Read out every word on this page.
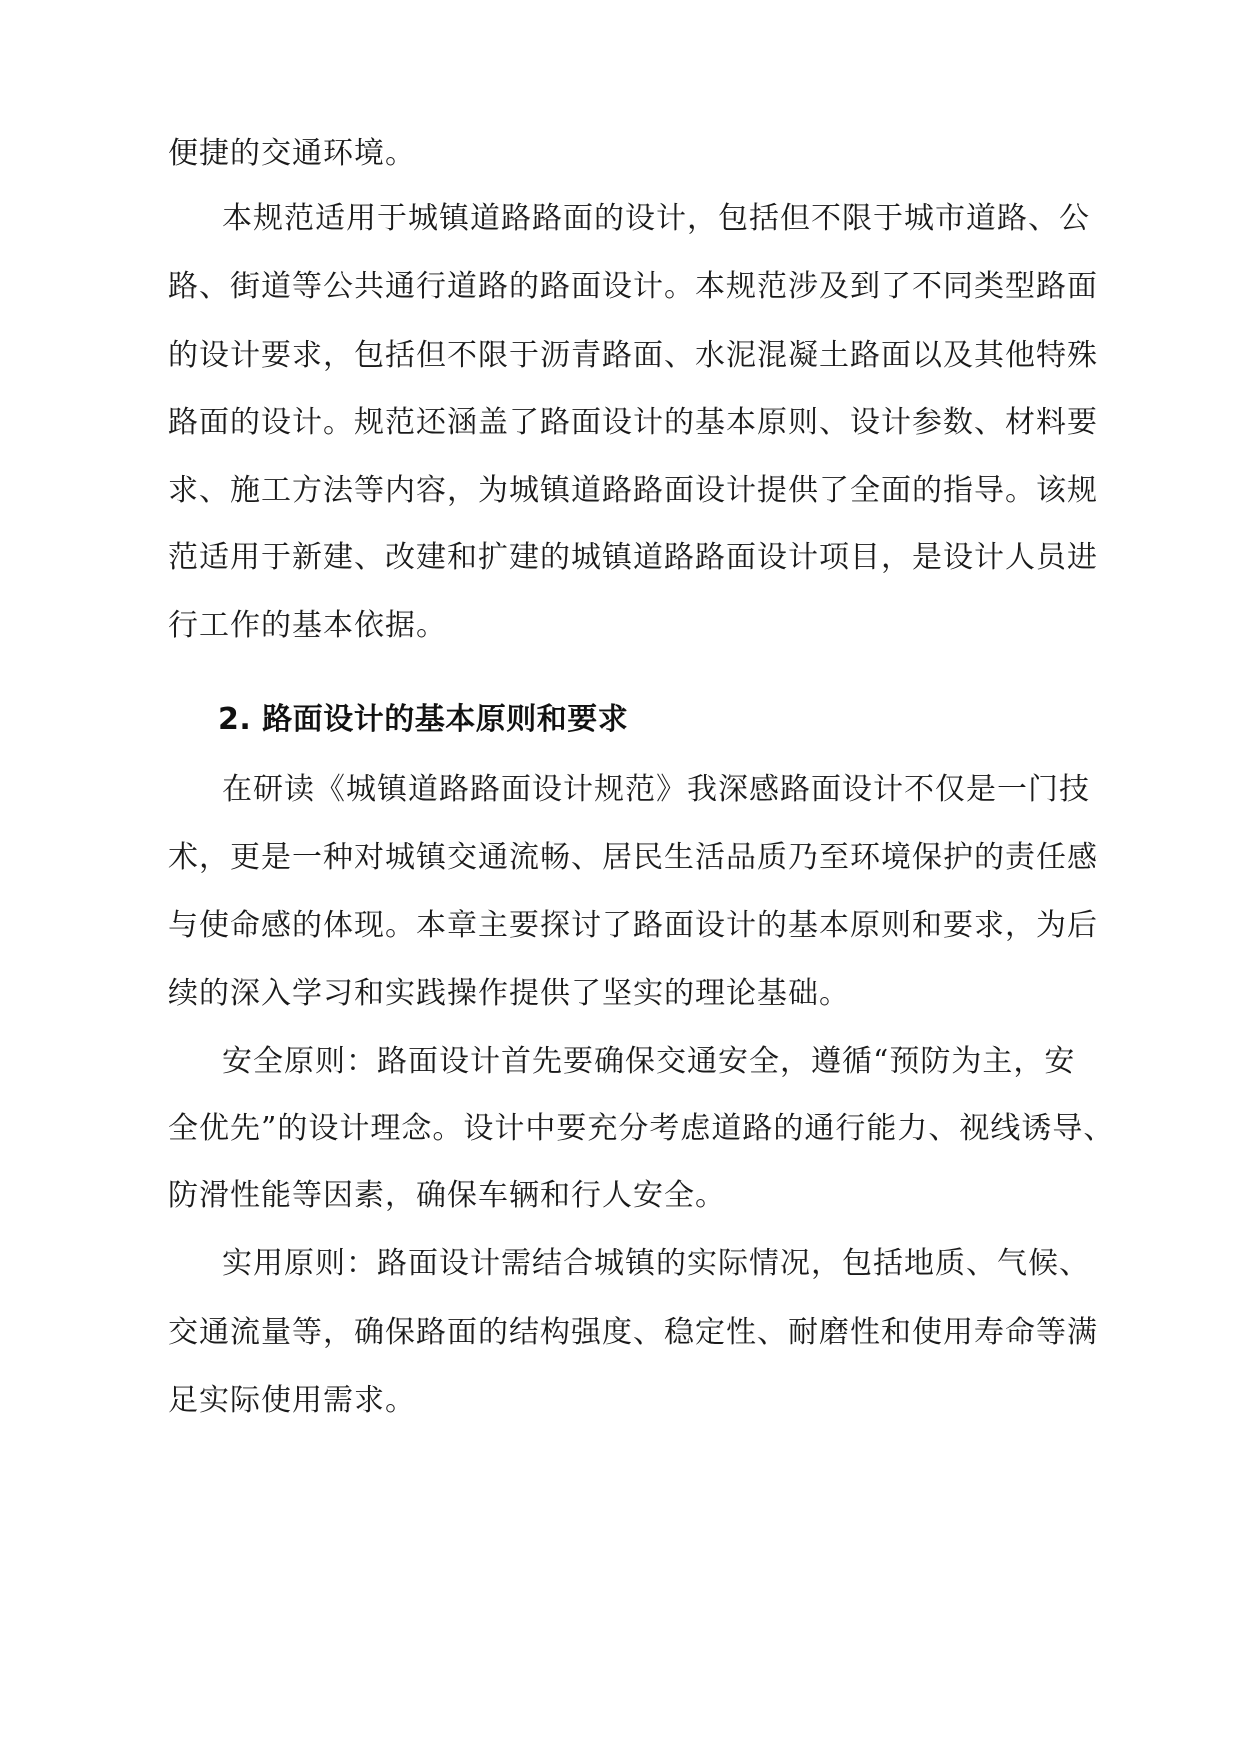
便捷的交通环境。
本规范适用于城镇道路路面的设计，包括但不限于城市道路、公
路、街道等公共通行道路的路面设计。本规范涉及到了不同类型路面
的设计要求，包括但不限于沥青路面、水泥混凝土路面以及其他特殊
路面的设计。规范还涵盖了路面设计的基本原则、设计参数、材料要
求、施工方法等内容，为城镇道路路面设计提供了全面的指导。该规
范适用于新建、改建和扩建的城镇道路路面设计项目，是设计人员进
行工作的基本依据。
2. 路面设计的基本原则和要求
在研读《城镇道路路面设计规范》我深感路面设计不仅是一门技
术，更是一种对城镇交通流畅、居民生活品质乃至环境保护的责任感
与使命感的体现。本章主要探讨了路面设计的基本原则和要求，为后
续的深入学习和实践操作提供了坚实的理论基础。
安全原则：路面设计首先要确保交通安全，遵循“预防为主，安
全优先”的设计理念。设计中要充分考虑道路的通行能力、视线诱导、
防滑性能等因素，确保车辆和行人安全。
实用原则：路面设计需结合城镇的实际情况，包括地质、气候、
交通流量等，确保路面的结构强度、稳定性、耐磨性和使用寿命等满
足实际使用需求。
